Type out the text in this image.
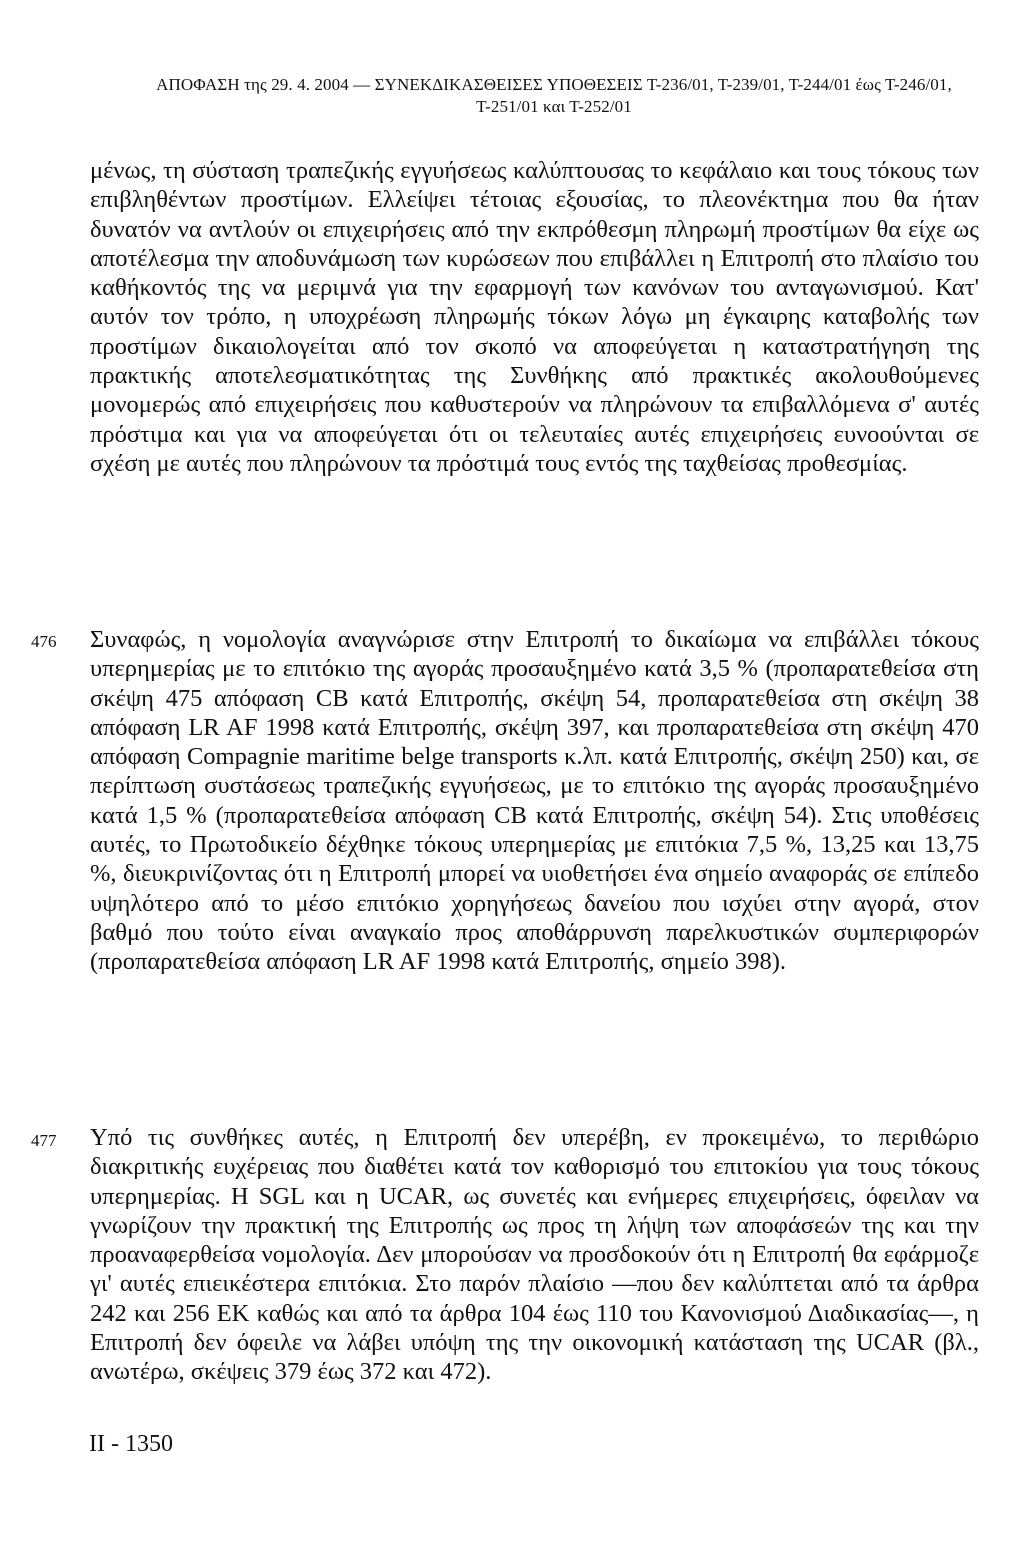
ΑΠΟΦΑΣΗ της 29. 4. 2004 — ΣΥΝΕΚΔΙΚΑΣΘΕΙΣΕΣ ΥΠΟΘΕΣΕΙΣ Τ-236/01, Τ-239/01, Τ-244/01 έως Τ-246/01,
Τ-251/01 και Τ-252/01
μένως, τη σύσταση τραπεζικής εγγυήσεως καλύπτουσας το κεφάλαιο και τους τόκους των επιβληθέντων προστίμων. Ελλείψει τέτοιας εξουσίας, το πλεονέκτημα που θα ήταν δυνατόν να αντλούν οι επιχειρήσεις από την εκπρόθεσμη πληρωμή προστίμων θα είχε ως αποτέλεσμα την αποδυνάμωση των κυρώσεων που επιβάλλει η Επιτροπή στο πλαίσιο του καθήκοντός της να μεριμνά για την εφαρμογή των κανόνων του ανταγωνισμού. Κατ' αυτόν τον τρόπο, η υποχρέωση πληρωμής τόκων λόγω μη έγκαιρης καταβολής των προστίμων δικαιολογείται από τον σκοπό να αποφεύγεται η καταστρατήγηση της πρακτικής αποτελεσματικότητας της Συνθήκης από πρακτικές ακολουθούμενες μονομερώς από επιχειρήσεις που καθυστερούν να πληρώνουν τα επιβαλλόμενα σ' αυτές πρόστιμα και για να αποφεύγεται ότι οι τελευταίες αυτές επιχειρήσεις ευνοούνται σε σχέση με αυτές που πληρώνουν τα πρόστιμά τους εντός της ταχθείσας προθεσμίας.
476 Συναφώς, η νομολογία αναγνώρισε στην Επιτροπή το δικαίωμα να επιβάλλει τόκους υπερημερίας με το επιτόκιο της αγοράς προσαυξημένο κατά 3,5 % (προπαρατεθείσα στη σκέψη 475 απόφαση CB κατά Επιτροπής, σκέψη 54, προπαρατεθείσα στη σκέψη 38 απόφαση LR AF 1998 κατά Επιτροπής, σκέψη 397, και προπαρατεθείσα στη σκέψη 470 απόφαση Compagnie maritime belge transports κ.λπ. κατά Επιτροπής, σκέψη 250) και, σε περίπτωση συστάσεως τραπεζικής εγγυήσεως, με το επιτόκιο της αγοράς προσαυξημένο κατά 1,5 % (προπαρατεθείσα απόφαση CB κατά Επιτροπής, σκέψη 54). Στις υποθέσεις αυτές, το Πρωτοδικείο δέχθηκε τόκους υπερημερίας με επιτόκια 7,5 %, 13,25 και 13,75 %, διευκρινίζοντας ότι η Επιτροπή μπορεί να υιοθετήσει ένα σημείο αναφοράς σε επίπεδο υψηλότερο από το μέσο επιτόκιο χορηγήσεως δανείου που ισχύει στην αγορά, στον βαθμό που τούτο είναι αναγκαίο προς αποθάρρυνση παρελκυστικών συμπεριφορών (προπαρατεθείσα απόφαση LR AF 1998 κατά Επιτροπής, σημείο 398).
477 Υπό τις συνθήκες αυτές, η Επιτροπή δεν υπερέβη, εν προκειμένω, το περιθώριο διακριτικής ευχέρειας που διαθέτει κατά τον καθορισμό του επιτοκίου για τους τόκους υπερημερίας. Η SGL και η UCAR, ως συνετές και ενήμερες επιχειρήσεις, όφειλαν να γνωρίζουν την πρακτική της Επιτροπής ως προς τη λήψη των αποφάσεών της και την προαναφερθείσα νομολογία. Δεν μπορούσαν να προσδοκούν ότι η Επιτροπή θα εφάρμοζε γι' αυτές επιεικέστερα επιτόκια. Στο παρόν πλαίσιο —που δεν καλύπτεται από τα άρθρα 242 και 256 ΕΚ καθώς και από τα άρθρα 104 έως 110 του Κανονισμού Διαδικασίας—, η Επιτροπή δεν όφειλε να λάβει υπόψη της την οικονομική κατάσταση της UCAR (βλ., ανωτέρω, σκέψεις 379 έως 372 και 472).
II - 1350
